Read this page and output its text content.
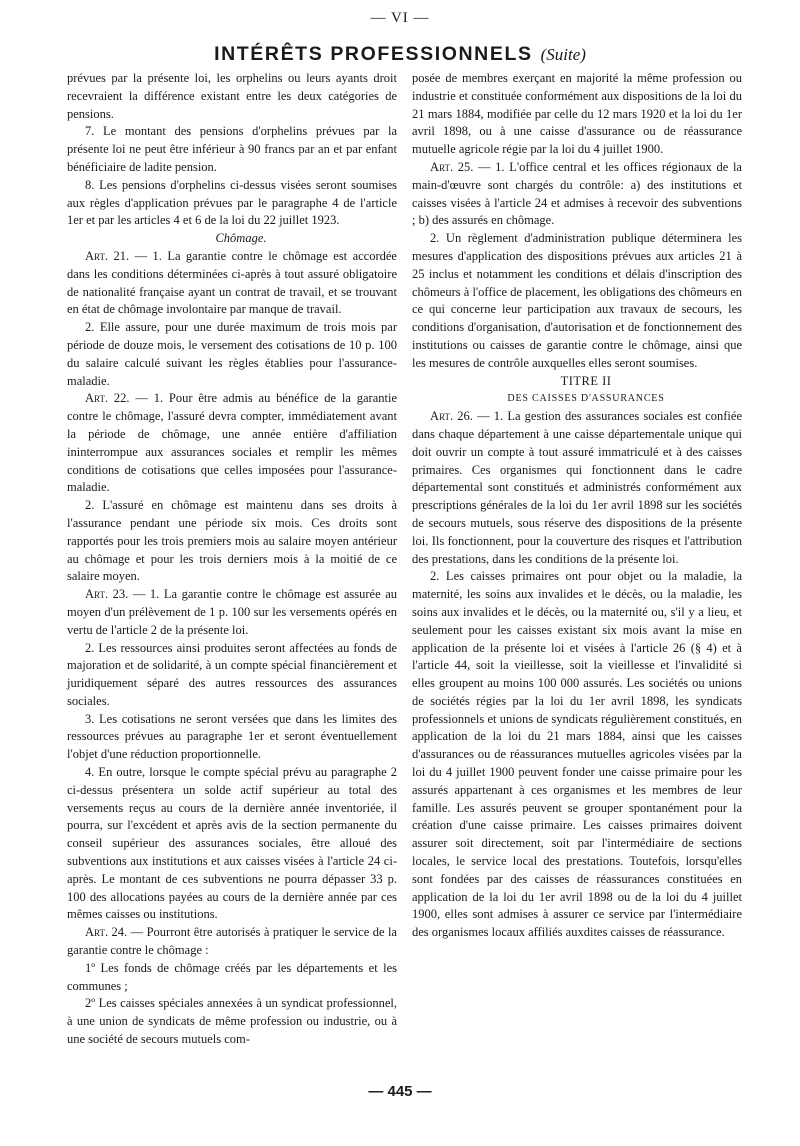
— VI —
INTÉRÊTS PROFESSIONNELS (Suite)

prévues par la présente loi, les orphelins ou leurs ayants droit recevraient la différence existant entre les deux catégories de pensions.

7. Le montant des pensions d'orphelins prévues par la présente loi ne peut être inférieur à 90 francs par an et par enfant bénéficiaire de ladite pension.

8. Les pensions d'orphelins ci-dessus visées seront soumises aux règles d'application prévues par le paragraphe 4 de l'article 1er et par les articles 4 et 6 de la loi du 22 juillet 1923.

Chômage.

Art. 21. — 1. La garantie contre le chômage est accordée dans les conditions déterminées ci-après à tout assuré obligatoire de nationalité française ayant un contrat de travail, et se trouvant en état de chômage involontaire par manque de travail.

2. Elle assure, pour une durée maximum de trois mois par période de douze mois, le versement des cotisations de 10 p. 100 du salaire calculé suivant les règles établies pour l'assurance-maladie.

Art. 22. — 1. Pour être admis au bénéfice de la garantie contre le chômage, l'assuré devra compter, immédiatement avant la période de chômage, une année entière d'affiliation ininterrompue aux assurances sociales et remplir les mêmes conditions de cotisations que celles imposées pour l'assurance-maladie.

2. L'assuré en chômage est maintenu dans ses droits à l'assurance pendant une période six mois. Ces droits sont rapportés pour les trois premiers mois au salaire moyen antérieur au chômage et pour les trois derniers mois à la moitié de ce salaire moyen.

Art. 23. — 1. La garantie contre le chômage est assurée au moyen d'un prélèvement de 1 p. 100 sur les versements opérés en vertu de l'article 2 de la présente loi.

2. Les ressources ainsi produites seront affectées au fonds de majoration et de solidarité, à un compte spécial financièrement et juridiquement séparé des autres ressources des assurances sociales.

3. Les cotisations ne seront versées que dans les limites des ressources prévues au paragraphe 1er et seront éventuellement l'objet d'une réduction proportionnelle.

4. En outre, lorsque le compte spécial prévu au paragraphe 2 ci-dessus présentera un solde actif supérieur au total des versements reçus au cours de la dernière année inventoriée, il pourra, sur l'excédent et après avis de la section permanente du conseil supérieur des assurances sociales, être alloué des subventions aux institutions et aux caisses visées à l'article 24 ci-après. Le montant de ces subventions ne pourra dépasser 33 p. 100 des allocations payées au cours de la dernière année par ces mêmes caisses ou institutions.

Art. 24. — Pourront être autorisés à pratiquer le service de la garantie contre le chômage :

1º Les fonds de chômage créés par les départements et les communes ;

2º Les caisses spéciales annexées à un syndicat professionnel, à une union de syndicats de même profession ou industrie, ou à une société de secours mutuels com-

posée de membres exerçant en majorité la même profession ou industrie et constituée conformément aux dispositions de la loi du 21 mars 1884, modifiée par celle du 12 mars 1920 et la loi du 1er avril 1898, ou à une caisse d'assurance ou de réassurance mutuelle agricole régie par la loi du 4 juillet 1900.

Art. 25. — 1. L'office central et les offices régionaux de la main-d'œuvre sont chargés du contrôle: a) des institutions et caisses visées à l'article 24 et admises à recevoir des subventions ; b) des assurés en chômage.

2. Un règlement d'administration publique déterminera les mesures d'application des dispositions prévues aux articles 21 à 25 inclus et notamment les conditions et délais d'inscription des chômeurs à l'office de placement, les obligations des chômeurs en ce qui concerne leur participation aux travaux de secours, les conditions d'organisation, d'autorisation et de fonctionnement des institutions ou caisses de garantie contre le chômage, ainsi que les mesures de contrôle auxquelles elles seront soumises.

TITRE II

DES CAISSES D'ASSURANCES

Art. 26. — 1. La gestion des assurances sociales est confiée dans chaque département à une caisse départementale unique qui doit ouvrir un compte à tout assuré immatriculé et à des caisses primaires. Ces organismes qui fonctionnent dans le cadre départemental sont constitués et administrés conformément aux prescriptions générales de la loi du 1er avril 1898 sur les sociétés de secours mutuels, sous réserve des dispositions de la présente loi. Ils fonctionnent, pour la couverture des risques et l'attribution des prestations, dans les conditions de la présente loi.

2. Les caisses primaires ont pour objet ou la maladie, la maternité, les soins aux invalides et le décès, ou la maladie, les soins aux invalides et le décès, ou la maternité ou, s'il y a lieu, et seulement pour les caisses existant six mois avant la mise en application de la présente loi et visées à l'article 26 (§ 4) et à l'article 44, soit la vieillesse, soit la vieillesse et l'invalidité si elles groupent au moins 100 000 assurés. Les sociétés ou unions de sociétés régies par la loi du 1er avril 1898, les syndicats professionnels et unions de syndicats régulièrement constitués, en application de la loi du 21 mars 1884, ainsi que les caisses d'assurances ou de réassurances mutuelles agricoles visées par la loi du 4 juillet 1900 peuvent fonder une caisse primaire pour les assurés appartenant à ces organismes et les membres de leur famille. Les assurés peuvent se grouper spontanément pour la création d'une caisse primaire. Les caisses primaires doivent assurer soit directement, soit par l'intermédiaire de sections locales, le service local des prestations. Toutefois, lorsqu'elles sont fondées par des caisses de réassurances constituées en application de la loi du 1er avril 1898 ou de la loi du 4 juillet 1900, elles sont admises à assurer ce service par l'intermédiaire des organismes locaux affiliés auxdites caisses de réassurance.

— 445 —
